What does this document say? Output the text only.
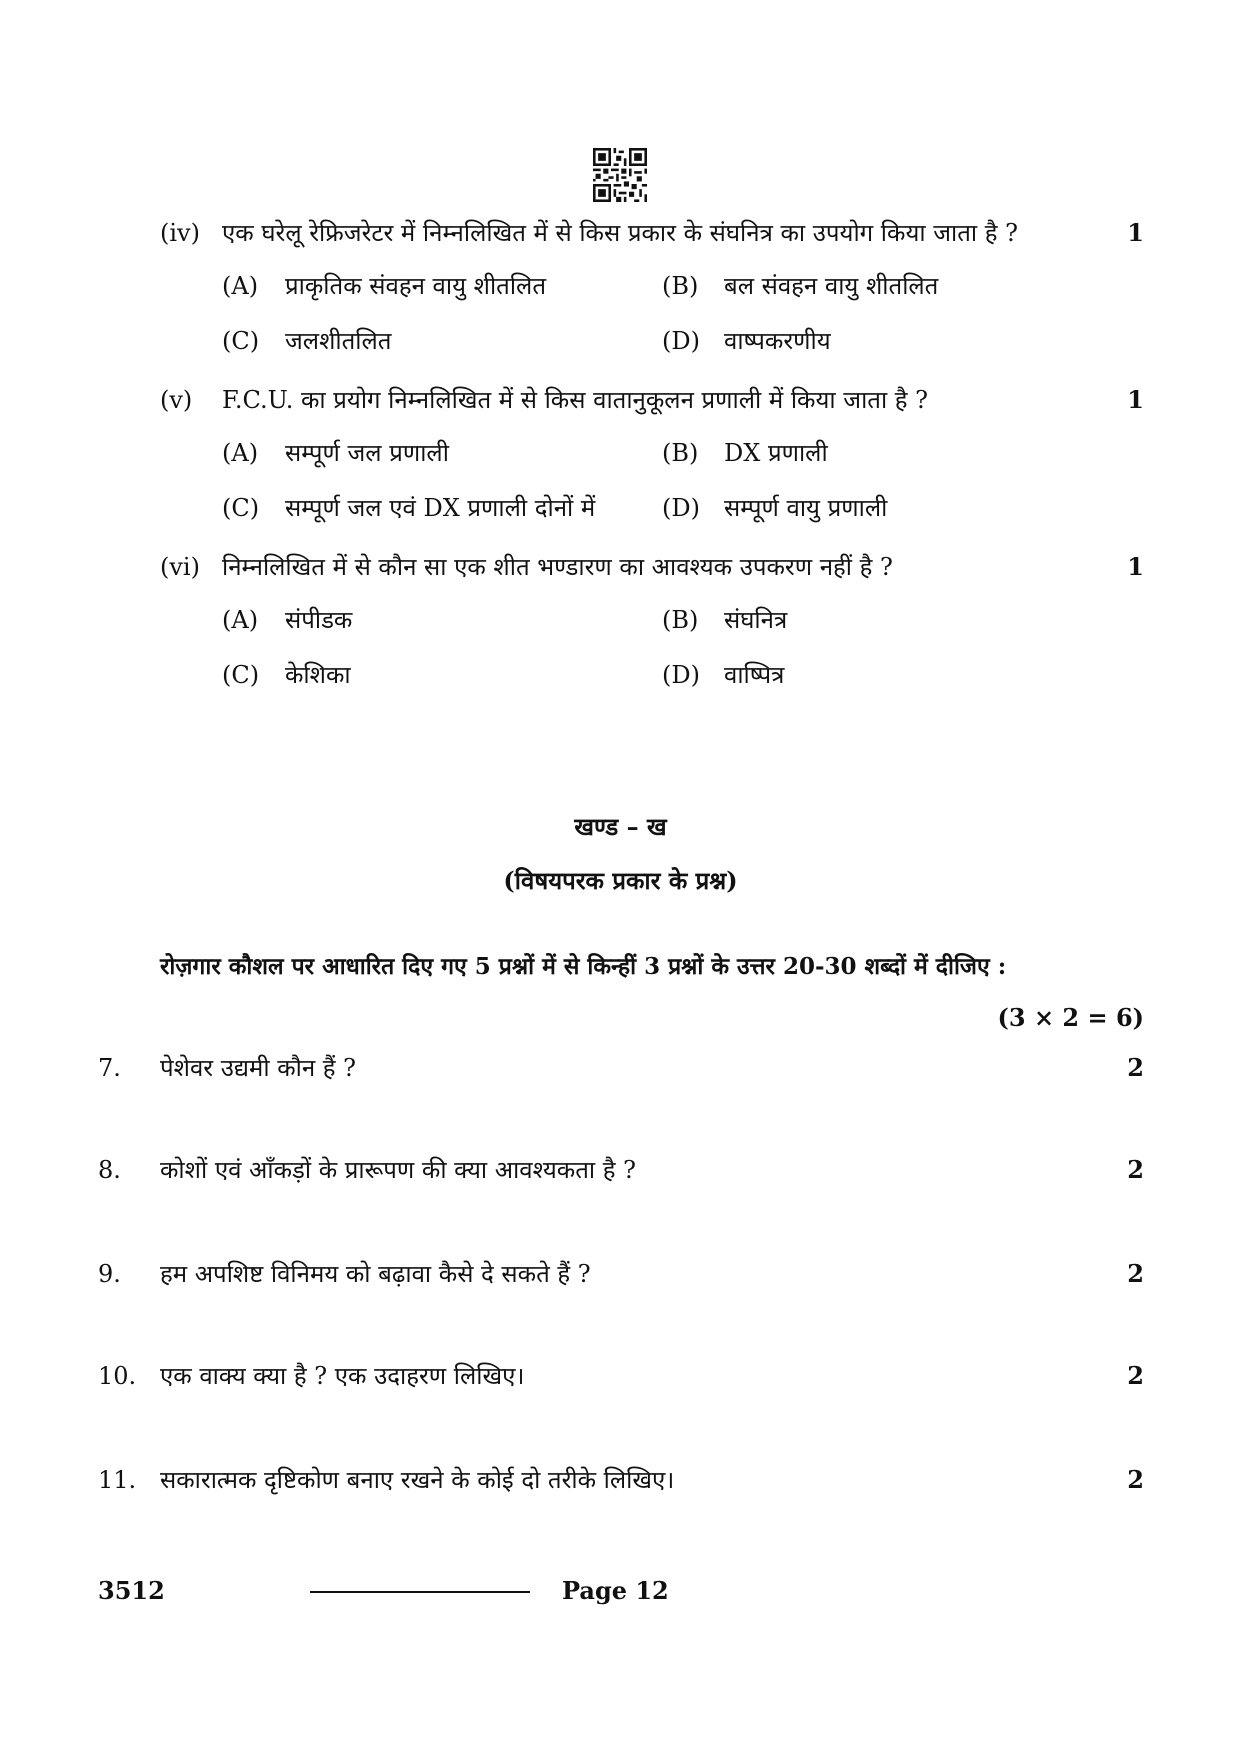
(iv) एक घरेलू रेफ्रिजरेटर में निम्नलिखित में से किस प्रकार के संघनित्र का उपयोग किया जाता है ?	1
(A) प्राकृतिक संवहन वायु शीतलित	(B) बल संवहन वायु शीतलित
(C) जलशीतलित	(D) वाष्पकरणीय
(v) F.C.U. का प्रयोग निम्नलिखित में से किस वातानुकूलन प्रणाली में किया जाता है ?	1
(A) सम्पूर्ण जल प्रणाली	(B) DX प्रणाली
(C) सम्पूर्ण जल एवं DX प्रणाली दोनों में	(D) सम्पूर्ण वायु प्रणाली
(vi) निम्नलिखित में से कौन सा एक शीत भण्डारण का आवश्यक उपकरण नहीं है ?	1
(A) संपीडक	(B) संघनित्र
(C) केशिका	(D) वाष्पित्र
खण्ड – ख
(विषयपरक प्रकार के प्रश्न)
रोज़गार कौशल पर आधारित दिए गए 5 प्रश्नों में से किन्हीं 3 प्रश्नों के उत्तर 20-30 शब्दों में दीजिए :
(3 × 2 = 6)
7. पेशेवर उद्यमी कौन हैं ?	2
8. कोशों एवं आँकड़ों के प्रारूपण की क्या आवश्यकता है ?	2
9. हम अपशिष्ट विनिमय को बढ़ावा कैसे दे सकते हैं ?	2
10. एक वाक्य क्या है ? एक उदाहरण लिखिए।	2
11. सकारात्मक दृष्टिकोण बनाए रखने के कोई दो तरीके लिखिए।	2
3512	Page 12
